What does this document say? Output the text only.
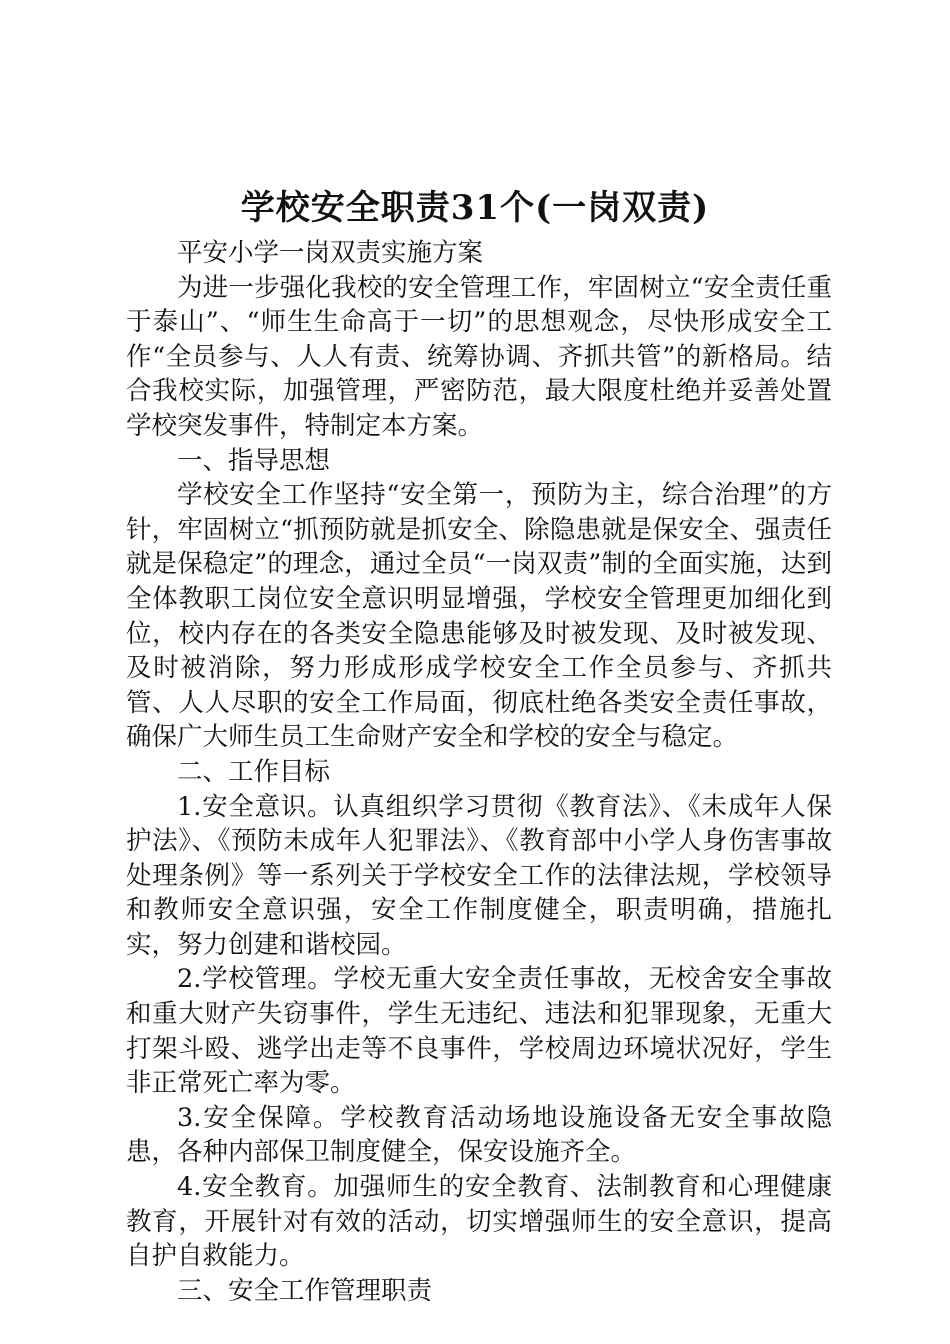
学校安全职责31个(一岗双责)

平安小学一岗双责实施方案

为进一步强化我校的安全管理工作，牢固树立“安全责任重于泰山”、“师生生命高于一切”的思想观念，尽快形成安全工作“全员参与、人人有责、统筹协调、齐抓共管”的新格局。结合我校实际，加强管理，严密防范，最大限度杜绝并妥善处置学校突发事件，特制定本方案。

一、指导思想

学校安全工作坚持“安全第一，预防为主，综合治理”的方针，牢固树立“抓预防就是抓安全、除隐患就是保安全、强责任就是保稳定”的理念，通过全员“一岗双责”制的全面实施，达到全体教职工岗位安全意识明显增强，学校安全管理更加细化到位，校内存在的各类安全隐患能够及时被发现、及时被发现、及时被消除，努力形成形成学校安全工作全员参与、齐抓共管、人人尽职的安全工作局面，彻底杜绝各类安全责任事故，确保广大师生员工生命财产安全和学校的安全与稳定。

二、工作目标

1.安全意识。认真组织学习贯彻《教育法》、《未成年人保护法》、《预防未成年人犯罪法》、《教育部中小学人身伤害事故处理条例》等一系列关于学校安全工作的法律法规，学校领导和教师安全意识强，安全工作制度健全，职责明确，措施扎实，努力创建和谐校园。

2.学校管理。学校无重大安全责任事故，无校舍安全事故和重大财产失窃事件，学生无违纪、违法和犯罪现象，无重大打架斗殴、逃学出走等不良事件，学校周边环境状况好，学生非正常死亡率为零。

3.安全保障。学校教育活动场地设施设备无安全事故隐患，各种内部保卫制度健全，保安设施齐全。

4.安全教育。加强师生的安全教育、法制教育和心理健康教育，开展针对有效的活动，切实增强师生的安全意识，提高自护自救能力。

三、安全工作管理职责
